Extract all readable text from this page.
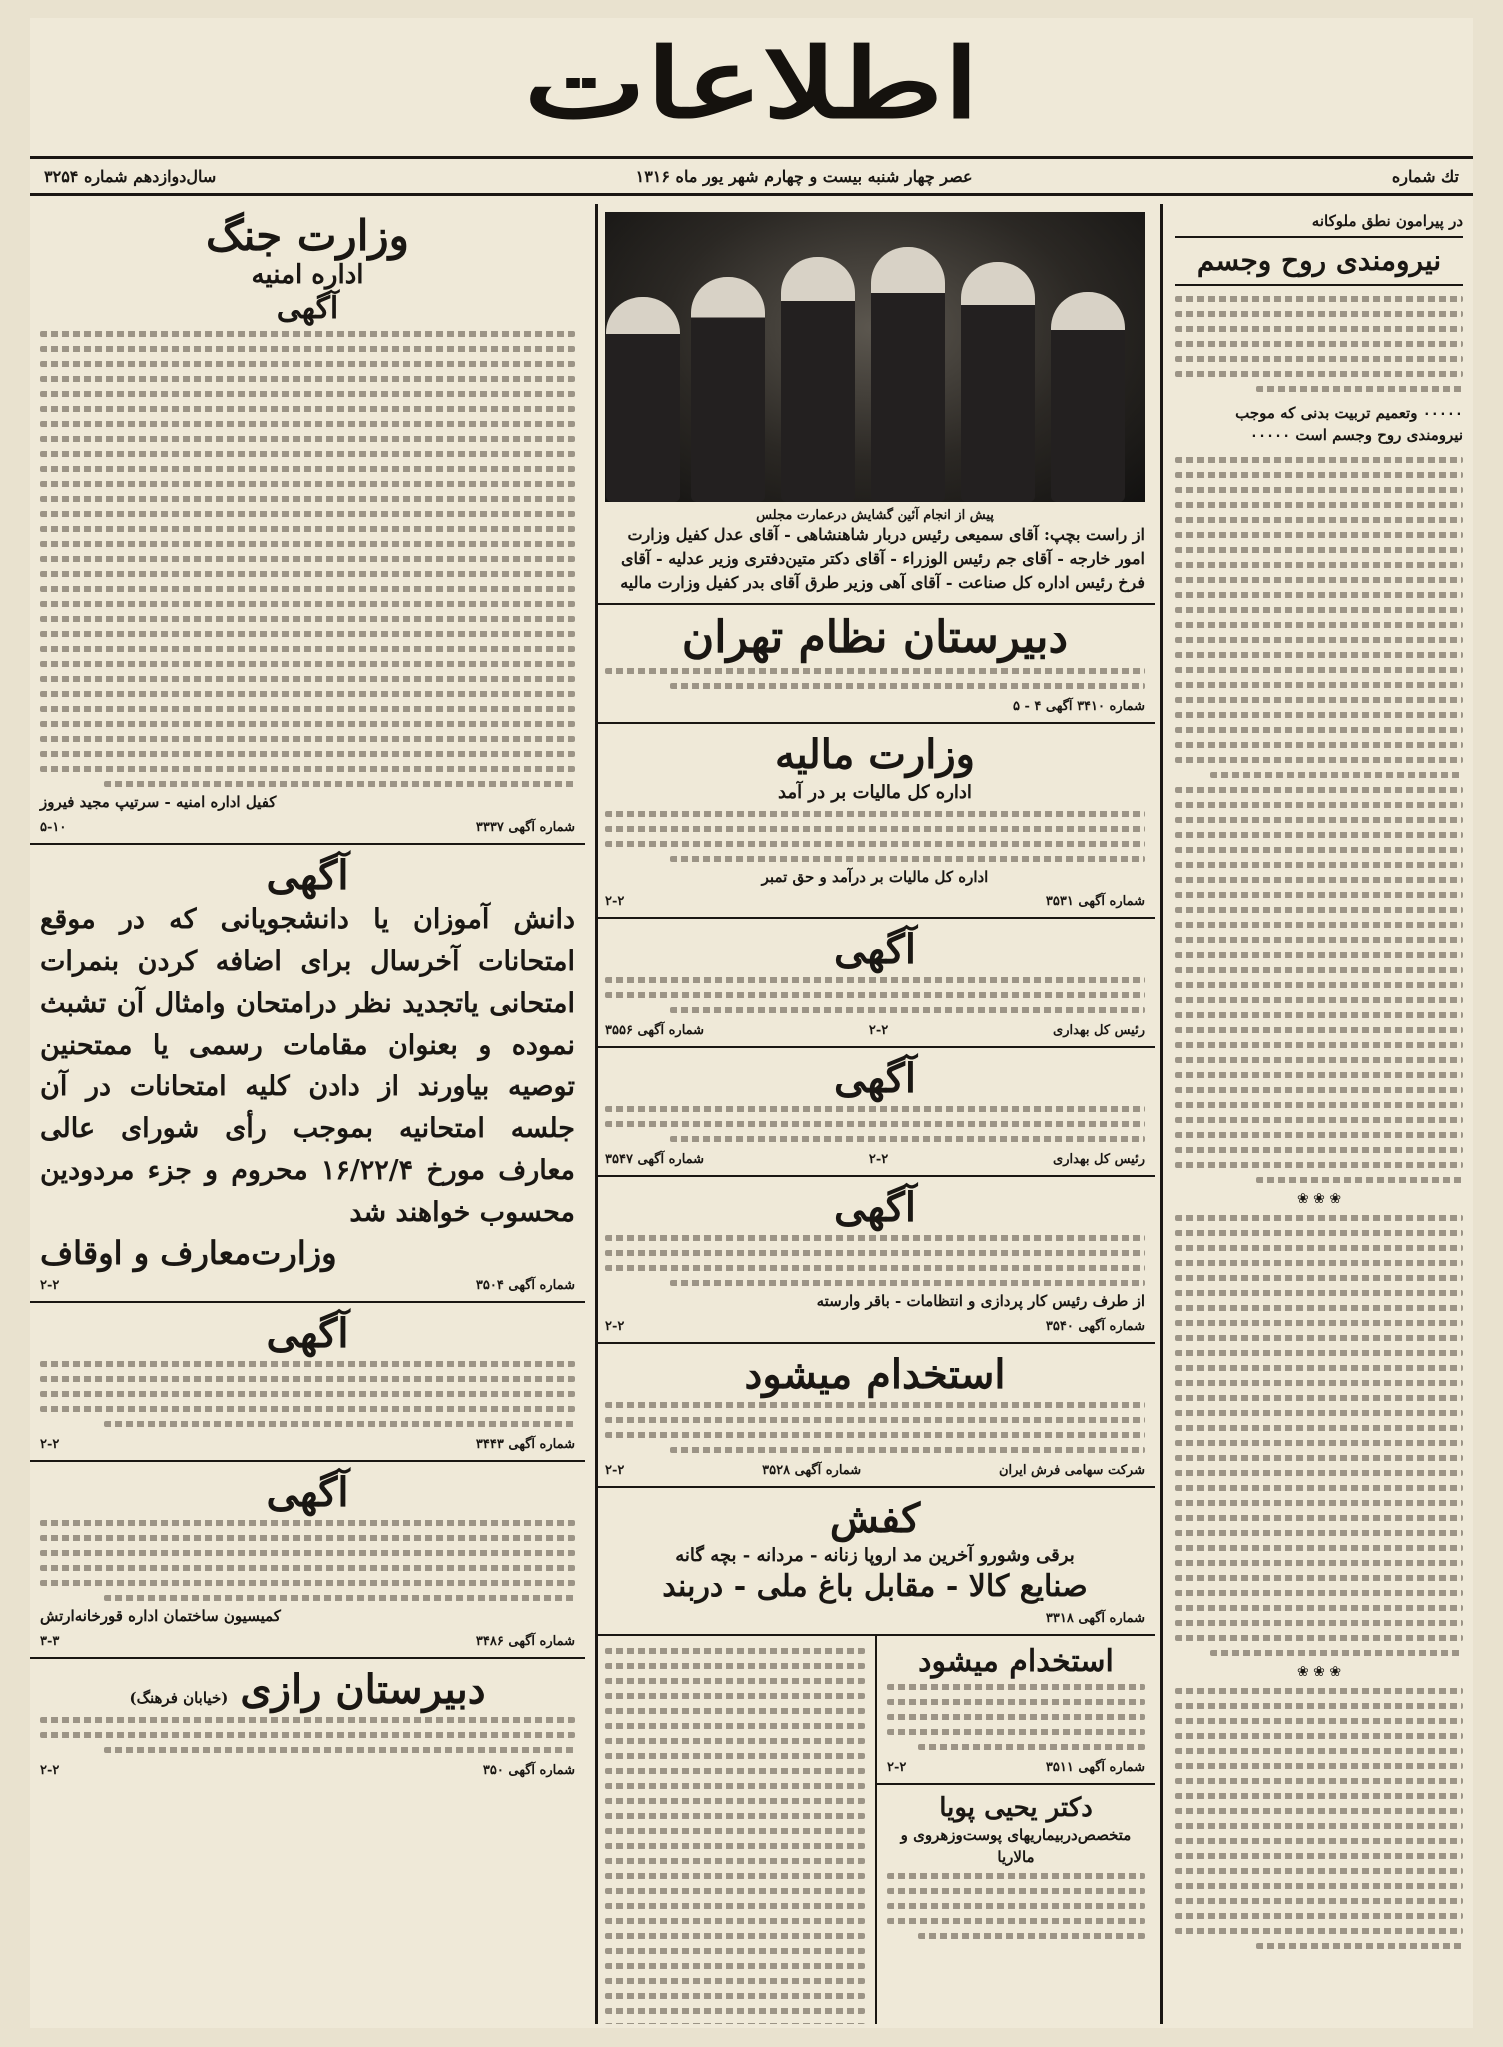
اطلاعات
سال‌دوازدهم شماره ۳۲۵۴	عصر چهار شنبه بیست و چهارم شهر یور ماه ۱۳۱۶	تك شماره
در پیرامون نطق ملوکانه
نیرومندی روح وجسم
۰۰۰۰۰ وتعمیم تربیت بدنی که موجب نیرومندی روح وجسم است ۰۰۰۰۰
❀ ❀ ❀
❀ ❀ ❀
پیش از انجام آئین گشایش درعمارت مجلس
از راست بچپ: آقای سمیعی رئیس دربار شاهنشاهی - آقای عدل کفیل وزارت امور خارجه - آقای جم رئیس الوزراء - آقای دکتر متین‌دفتری وزیر عدلیه - آقای فرخ رئیس اداره کل صناعت - آقای آهی وزیر طرق آقای بدر کفیل وزارت مالیه
دبیرستان نظام تهران
شماره ۳۴۱۰ آگهی ۴ - ۵
وزارت مالیه
اداره کل مالیات بر در آمد
اداره کل مالیات بر درآمد و حق تمبر
شماره آگهی ۳۵۳۱
۲-۲
آگهی
رئیس کل بهداری
۲-۲
شماره آگهی ۳۵۵۶
آگهی
رئیس کل بهداری
۲-۲
شماره آگهی ۳۵۴۷
آگهی
از طرف رئیس کار پردازی و انتظامات - باقر وارسته
شماره آگهی ۳۵۴۰
۲-۲
استخدام میشود
شرکت سهامی فرش ایران
شماره آگهی ۳۵۲۸
۲-۲
کفش
برقی وشورو آخرین مد اروپا زنانه - مردانه - بچه گانه
صنایع کالا - مقابل باغ ملی - دربند
شماره آگهی ۳۳۱۸
استخدام میشود
شماره آگهی ۳۵۱۱
۲-۲
دکتر یحیی پویا
متخصص‌دربیماریهای پوست‌وزهروی و مالاریا
وزارت جنگ
اداره امنیه
آگهی
کفیل اداره امنیه - سرتیپ مجید فیروز
شماره آگهی ۳۳۳۷
۵-۱۰
آگهی
دانش آموزان یا دانشجویانی که در موقع امتحانات آخرسال برای اضافه کردن بنمرات امتحانی یاتجدید نظر درامتحان وامثال آن تشبث نموده و بعنوان مقامات رسمی یا ممتحنین توصیه بیاورند از دادن کلیه امتحانات در آن جلسه امتحانیه بموجب رأی شورای عالی معارف مورخ ۱۶/۲۲/۴ محروم و جزء مردودین محسوب خواهند شد
وزارت‌معارف و اوقاف
شماره آگهی ۳۵۰۴
۲-۲
آگهی
شماره آگهی ۳۴۴۳
۲-۲
آگهی
کمیسیون ساختمان اداره قورخانه‌ارتش
شماره آگهی ۳۴۸۶
۳-۳
دبیرستان رازی
(خیابان فرهنگ)
شماره آگهی ۳۵۰
۲-۲
